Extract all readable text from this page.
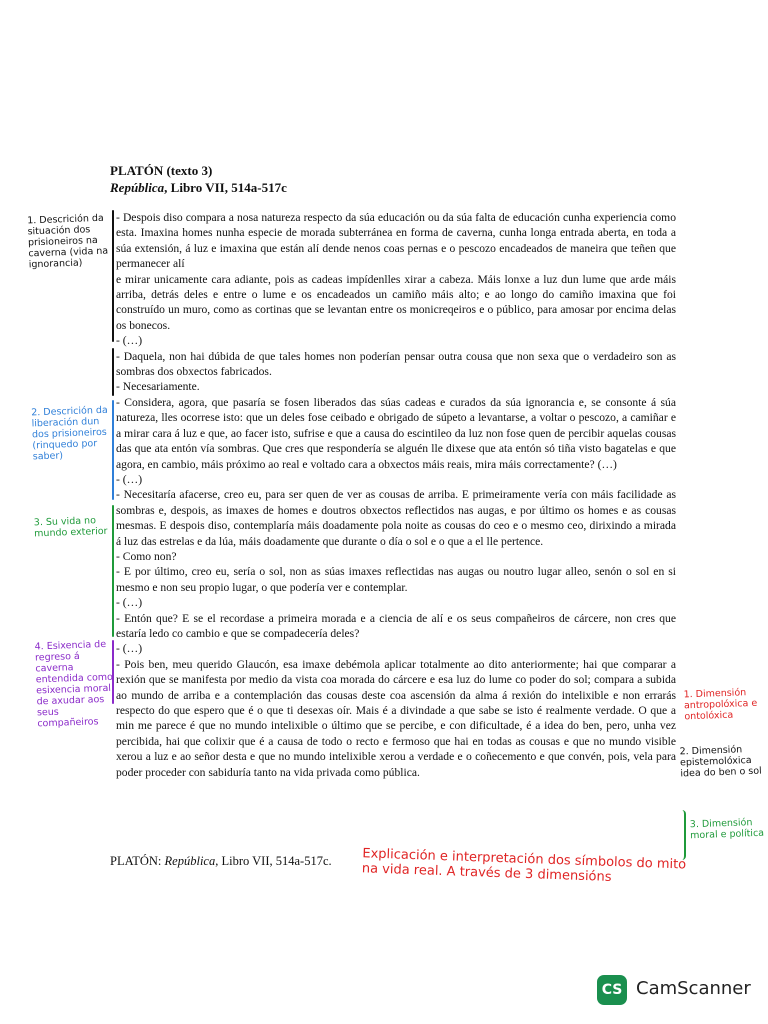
PLATÓN (texto 3)
República, Libro VII, 514a-517c

- Despois diso compara a nosa natureza respecto da súa educación ou da súa falta de educación cunha experiencia como esta. Imaxina homes nunha especie de morada subterránea en forma de caverna, cunha longa entrada aberta, en toda a súa extensión, á luz e imaxina que están alí dende nenos coas pernas e o pescozo encadeados de maneira que teñen que permanecer alí

e mirar unicamente cara adiante, pois as cadeas impídenlles xirar a cabeza. Máis lonxe a luz dun lume que arde máis arriba, detrás deles e entre o lume e os encadeados un camiño máis alto; e ao longo do camiño imaxina que foi construído un muro, como as cortinas que se levantan entre os monicreqeiros e o público, para amosar por encima delas os bonecos.

- (…)

- Daquela, non hai dúbida de que tales homes non poderían pensar outra cousa que non sexa que o verdadeiro son as sombras dos obxectos fabricados.

- Necesariamente.

- Considera, agora, que pasaría se fosen liberados das súas cadeas e curados da súa ignorancia e, se consonte á súa natureza, lles ocorrese isto: que un deles fose ceibado e obrigado de súpeto a levantarse, a voltar o pescozo, a camiñar e a mirar cara á luz e que, ao facer isto, sufrise e que a causa do escintileo da luz non fose quen de percibir aquelas cousas das que ata entón vía sombras. Que cres que respondería se alguén lle dixese que ata entón só tiña visto bagatelas e que agora, en cambio, máis próximo ao real e voltado cara a obxectos máis reais, mira máis correctamente? (…)

- (…)

- Necesitaría afacerse, creo eu, para ser quen de ver as cousas de arriba. E primeiramente vería con máis facilidade as sombras e, despois, as imaxes de homes e doutros obxectos reflectidos nas augas, e por último os homes e as cousas mesmas. E despois diso, contemplaría máis doadamente pola noite as cousas do ceo e o mesmo ceo, dirixindo a mirada á luz das estrelas e da lúa, máis doadamente que durante o día o sol e o que a el lle pertence.

- Como non?

- E por último, creo eu, sería o sol, non as súas imaxes reflectidas nas augas ou noutro lugar alleo, senón o sol en si mesmo e non seu propio lugar, o que podería ver e contemplar.

- (…)

- Entón que? E se el recordase a primeira morada e a ciencia de alí e os seus compañeiros de cárcere, non cres que estaría ledo co cambio e que se compadecería deles?

- (…)

- Pois ben, meu querido Glaucón, esa imaxe debémola aplicar totalmente ao dito anteriormente; hai que comparar a rexión que se manifesta por medio da vista coa morada do cárcere e esa luz do lume co poder do sol; compara a subida ao mundo de arriba e a contemplación das cousas deste coa ascensión da alma á rexión do intelixible e non errarás respecto do que espero que é o que ti desexas oír. Mais é a divindade a que sabe se isto é realmente verdade. O que a min me parece é que no mundo intelixible o último que se percibe, e con dificultade, é a idea do ben, pero, unha vez percibida, hai que colixir que é a causa de todo o recto e fermoso que hai en todas as cousas e que no mundo visible xerou a luz e ao señor desta e que no mundo intelixible xerou a verdade e o coñecemento e que convén, pois, vela para poder proceder con sabiduría tanto na vida privada como pública.

PLATÓN: República, Libro VII, 514a-517c.
1. Descrición da situación dos prisioneiros na caverna (vida na ignorancia)
2. Descrición da liberación dun dos prisioneiros (rinquedo por saber)
3. Su vida no mundo exterior
4. Esixencia de regreso á caverna entendida como esixencia moral de axudar aos seus compañeiros
1. Dimensión antropolóxica e ontolóxica
2. Dimensión epistemolóxica idea do ben o sol
3. Dimensión moral e política
Explicación e interpretación dos símbolos do mito na vida real. A través de 3 dimensións
CS CamScanner
